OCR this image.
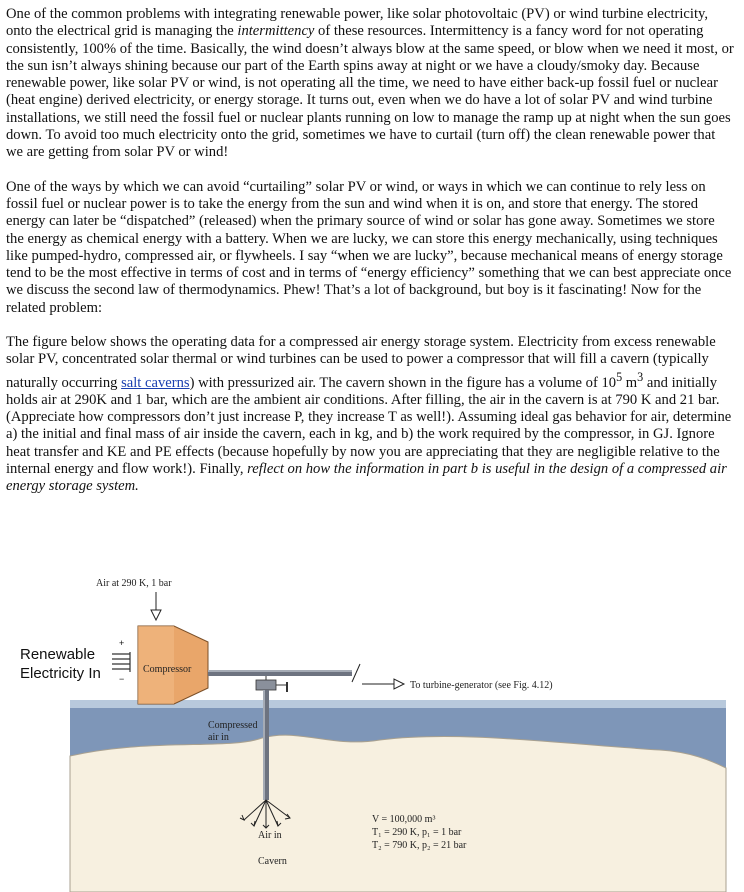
One of the common problems with integrating renewable power, like solar photovoltaic (PV) or wind turbine electricity, onto the electrical grid is managing the intermittency of these resources. Intermittency is a fancy word for not operating consistently, 100% of the time. Basically, the wind doesn’t always blow at the same speed, or blow when we need it most, or the sun isn’t always shining because our part of the Earth spins away at night or we have a cloudy/smoky day. Because renewable power, like solar PV or wind, is not operating all the time, we need to have either back-up fossil fuel or nuclear (heat engine) derived electricity, or energy storage. It turns out, even when we do have a lot of solar PV and wind turbine installations, we still need the fossil fuel or nuclear plants running on low to manage the ramp up at night when the sun goes down. To avoid too much electricity onto the grid, sometimes we have to curtail (turn off) the clean renewable power that we are getting from solar PV or wind!

One of the ways by which we can avoid “curtailing” solar PV or wind, or ways in which we can continue to rely less on fossil fuel or nuclear power is to take the energy from the sun and wind when it is on, and store that energy. The stored energy can later be “dispatched” (released) when the primary source of wind or solar has gone away. Sometimes we store the energy as chemical energy with a battery. When we are lucky, we can store this energy mechanically, using techniques like pumped-hydro, compressed air, or flywheels. I say “when we are lucky”, because mechanical means of energy storage tend to be the most effective in terms of cost and in terms of “energy efficiency” something that we can best appreciate once we discuss the second law of thermodynamics. Phew! That’s a lot of background, but boy is it fascinating! Now for the related problem:

The figure below shows the operating data for a compressed air energy storage system. Electricity from excess renewable solar PV, concentrated solar thermal or wind turbines can be used to power a compressor that will fill a cavern (typically naturally occurring salt caverns) with pressurized air. The cavern shown in the figure has a volume of $10^5$ $m^3$ and initially holds air at 290K and 1 bar, which are the ambient air conditions. After filling, the air in the cavern is at 790 K and 21 bar. (Appreciate how compressors don’t just increase P, they increase T as well!). Assuming ideal gas behavior for air, determine a) the initial and final mass of air inside the cavern, each in kg, and b) the work required by the compressor, in GJ. Ignore heat transfer and KE and PE effects (because hopefully by now you are appreciating that they are negligible relative to the internal energy and flow work!). Finally, reflect on how the information in part b is useful in the design of a compressed air energy storage system.

Air at 290 K, 1 bar
Renewable
Electricity In
+
−
Compressor
To turbine-generator (see Fig. 4.12)
Compressed
air in
Air in
Cavern
V = 100,000 m³
T₁ = 290 K, p₁ = 1 bar
T₂ = 790 K, p₂ = 21 bar
